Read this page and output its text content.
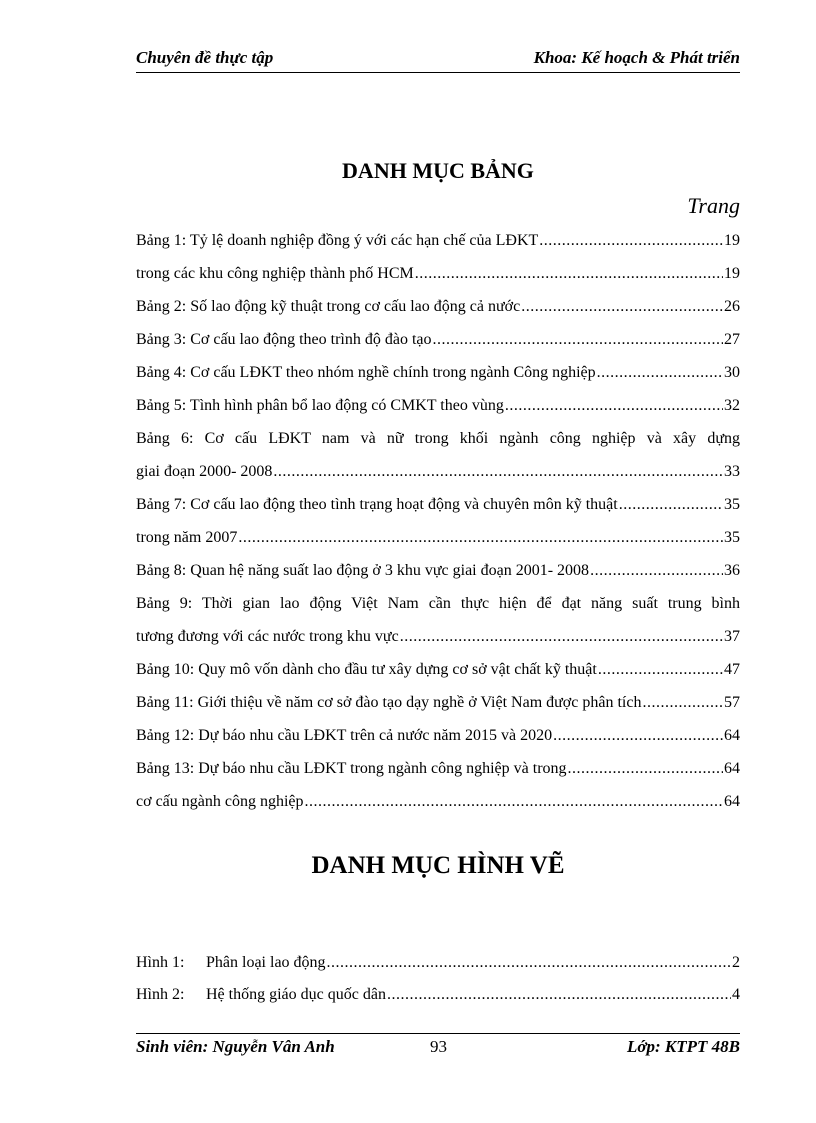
Chuyên đề thực tập	Khoa: Kế hoạch & Phát triển
DANH MỤC BẢNG
Trang
Bảng 1: Tỷ lệ doanh nghiệp đồng ý với các hạn chế của LĐKT .....	19
trong các khu công nghiệp thành phố HCM .....	19
Bảng 2: Số lao động kỹ thuật trong cơ cấu lao động cả nước .....	26
Bảng 3: Cơ cấu lao động theo trình độ đào tạo .....	27
Bảng 4: Cơ cấu LĐKT theo nhóm nghề chính trong ngành Công nghiệp .....	30
Bảng 5: Tình hình phân bổ lao động có CMKT theo vùng .....	32
Bảng 6: Cơ cấu LĐKT nam và nữ trong khối ngành công nghiệp và xây dựng
giai đoạn 2000- 2008 .....	33
Bảng 7: Cơ cấu lao động theo tình trạng hoạt động và chuyên môn kỹ thuật .....	35
trong năm 2007 .....	35
Bảng 8: Quan hệ năng suất lao động ở 3 khu vực giai đoạn 2001- 2008 .....	36
Bảng 9: Thời gian lao động Việt Nam cần thực hiện để đạt năng suất trung bình
tương đương với các nước trong khu vực .....	37
Bảng 10: Quy mô vốn dành cho đầu tư xây dựng cơ sở vật chất kỹ thuật .....	47
Bảng 11: Giới thiệu về năm cơ sở đào tạo dạy nghề ở Việt Nam được phân tích .....	57
Bảng 12: Dự báo nhu cầu LĐKT trên cả nước năm 2015 và 2020 .....	64
Bảng 13: Dự báo nhu cầu LĐKT trong ngành công nghiệp và trong .....	64
cơ cấu ngành công nghiệp .....	64
DANH MỤC HÌNH VẼ
Hình 1: Phân loại lao động .....	2
Hình 2: Hệ thống giáo dục quốc dân .....	4
Sinh viên: Nguyễn Vân Anh	93	Lớp: KTPT 48B
